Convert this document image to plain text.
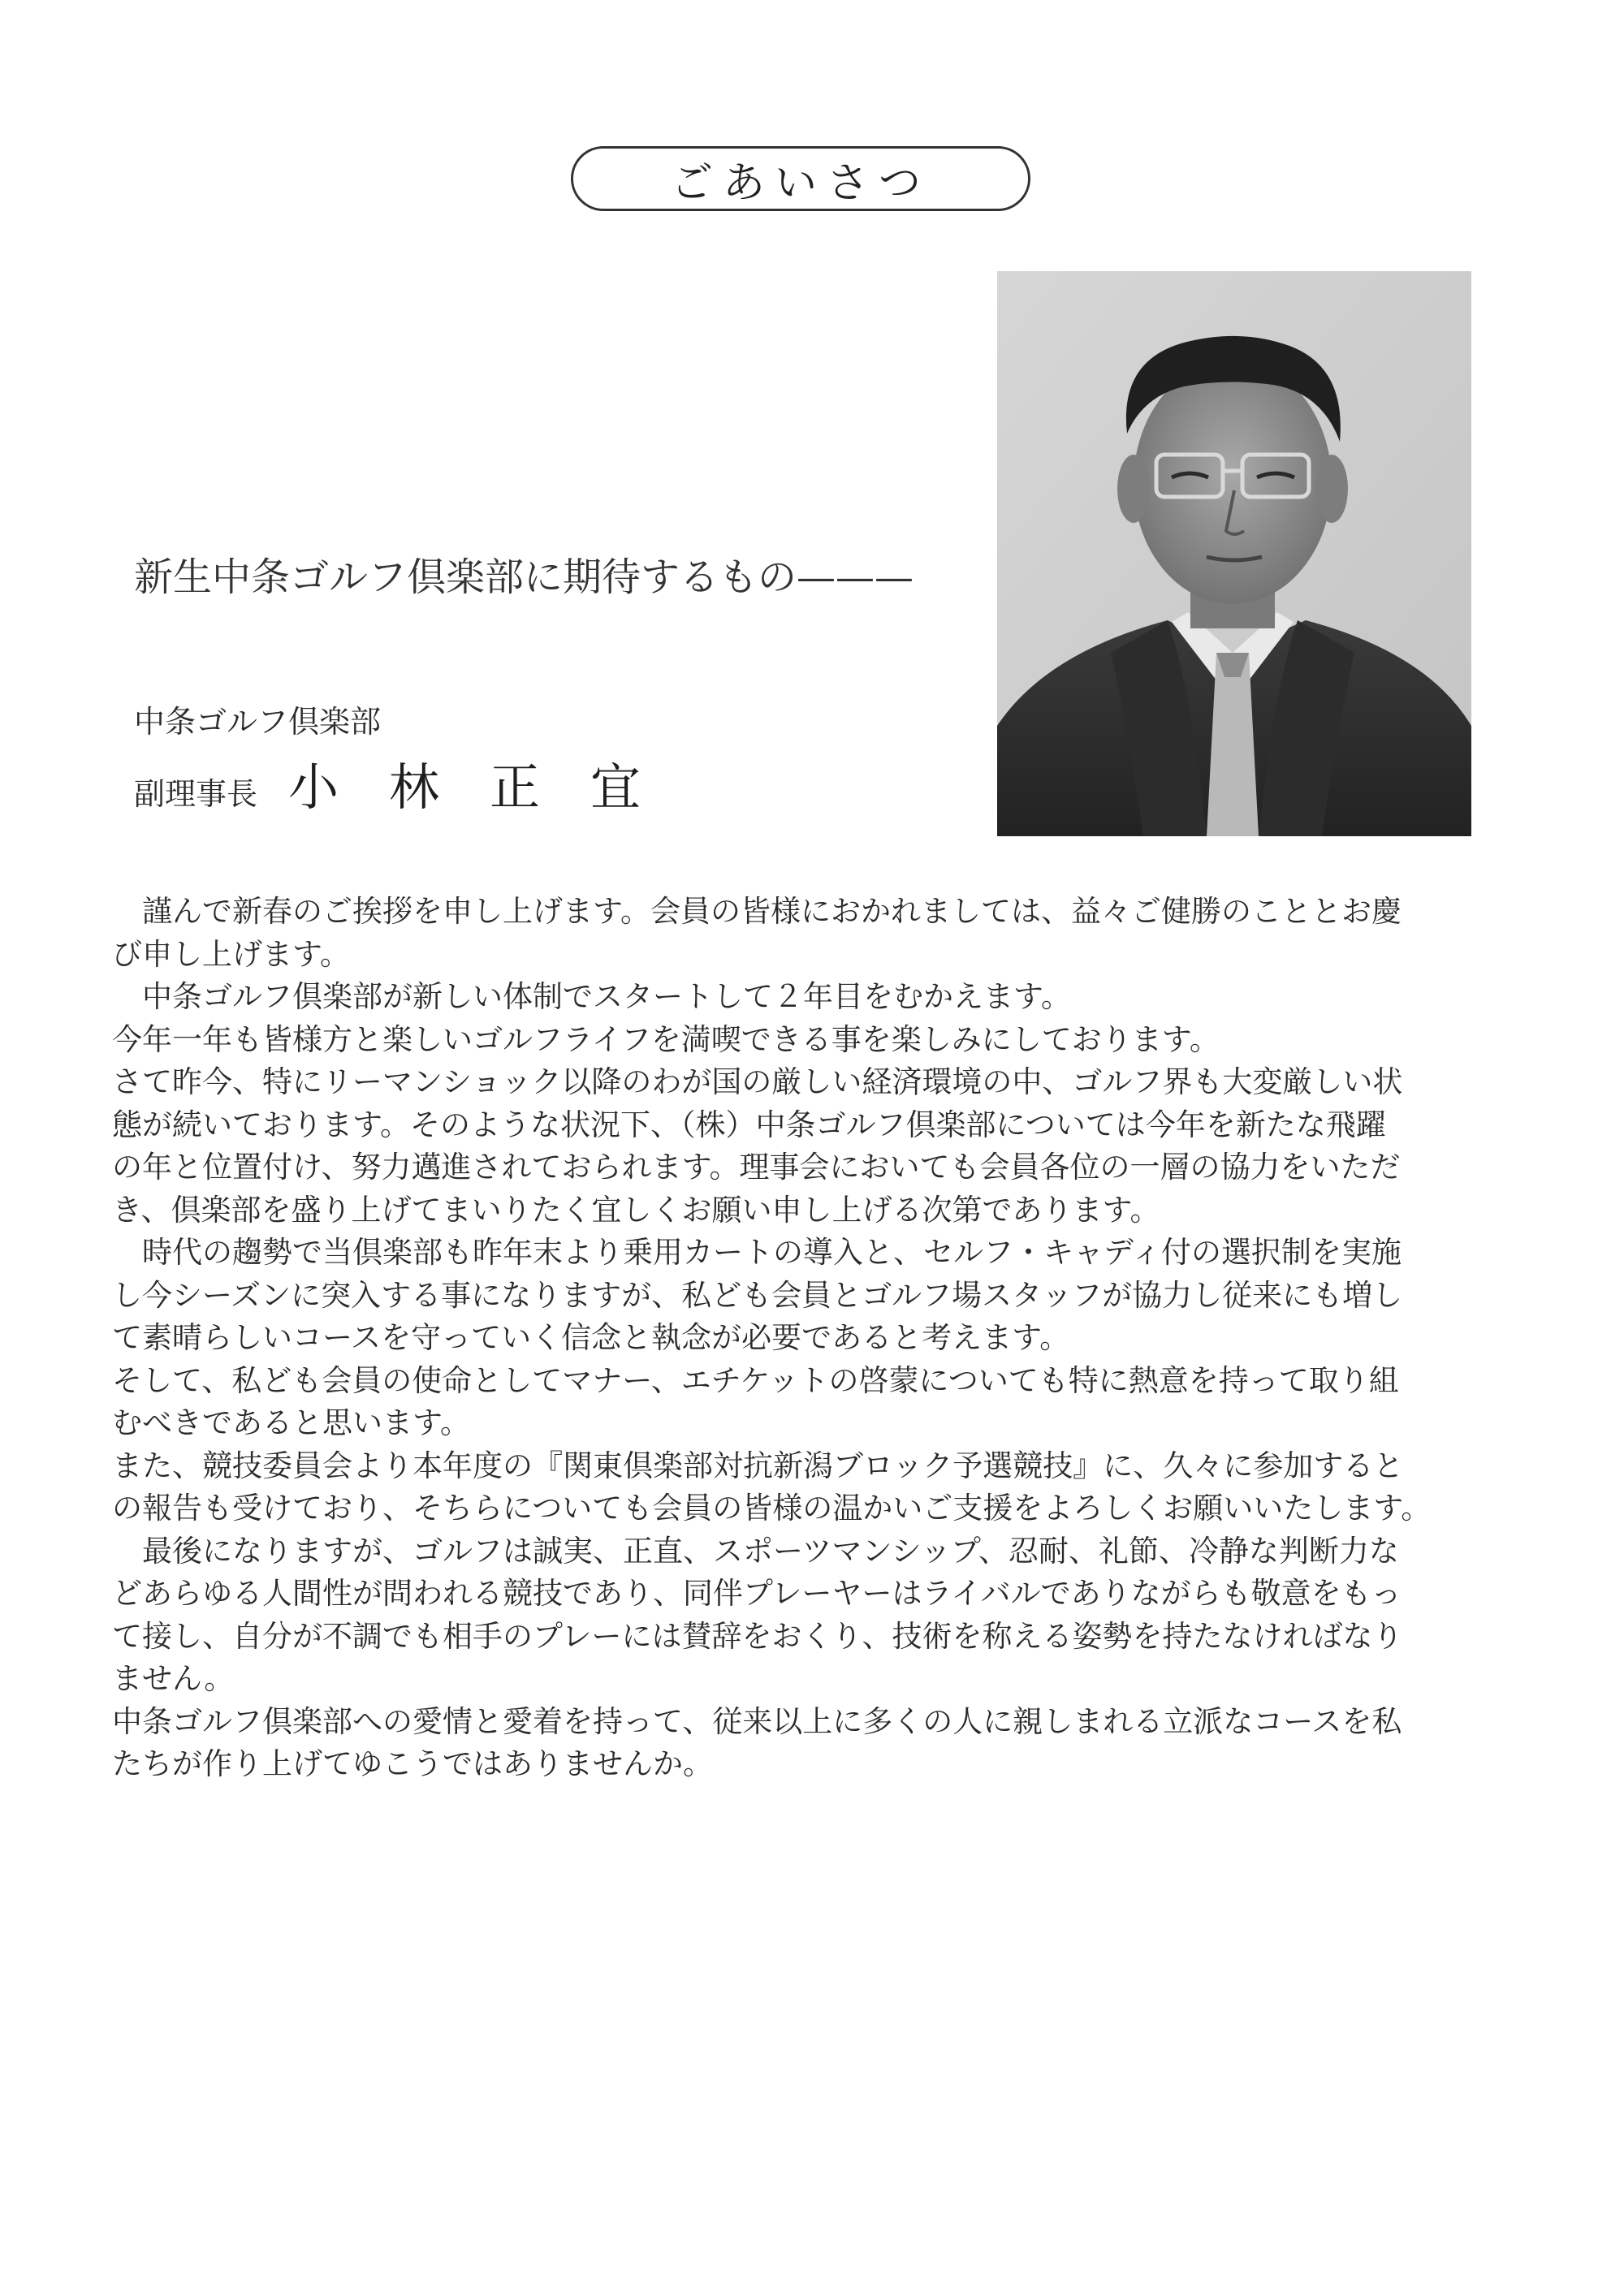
ごあいさつ
新生中条ゴルフ倶楽部に期待するもの———
中条ゴルフ倶楽部
副理事長 小林正宜

　謹んで新春のご挨拶を申し上げます。会員の皆様におかれましては、益々ご健勝のこととお慶

び申し上げます。

　中条ゴルフ倶楽部が新しい体制でスタートして２年目をむかえます。

今年一年も皆様方と楽しいゴルフライフを満喫できる事を楽しみにしております。

さて昨今、特にリーマンショック以降のわが国の厳しい経済環境の中、ゴルフ界も大変厳しい状

態が続いております。そのような状況下、（株）中条ゴルフ倶楽部については今年を新たな飛躍

の年と位置付け、努力邁進されておられます。理事会においても会員各位の一層の協力をいただ

き、倶楽部を盛り上げてまいりたく宜しくお願い申し上げる次第であります。

　時代の趨勢で当倶楽部も昨年末より乗用カートの導入と、セルフ・キャディ付の選択制を実施

し今シーズンに突入する事になりますが、私ども会員とゴルフ場スタッフが協力し従来にも増し

て素晴らしいコースを守っていく信念と執念が必要であると考えます。

そして、私ども会員の使命としてマナー、エチケットの啓蒙についても特に熱意を持って取り組

むべきであると思います。

また、競技委員会より本年度の『関東倶楽部対抗新潟ブロック予選競技』に、久々に参加すると

の報告も受けており、そちらについても会員の皆様の温かいご支援をよろしくお願いいたします。

　最後になりますが、ゴルフは誠実、正直、スポーツマンシップ、忍耐、礼節、冷静な判断力な

どあらゆる人間性が問われる競技であり、同伴プレーヤーはライバルでありながらも敬意をもっ

て接し、自分が不調でも相手のプレーには賛辞をおくり、技術を称える姿勢を持たなければなり

ません。

中条ゴルフ倶楽部への愛情と愛着を持って、従来以上に多くの人に親しまれる立派なコースを私

たちが作り上げてゆこうではありませんか。
